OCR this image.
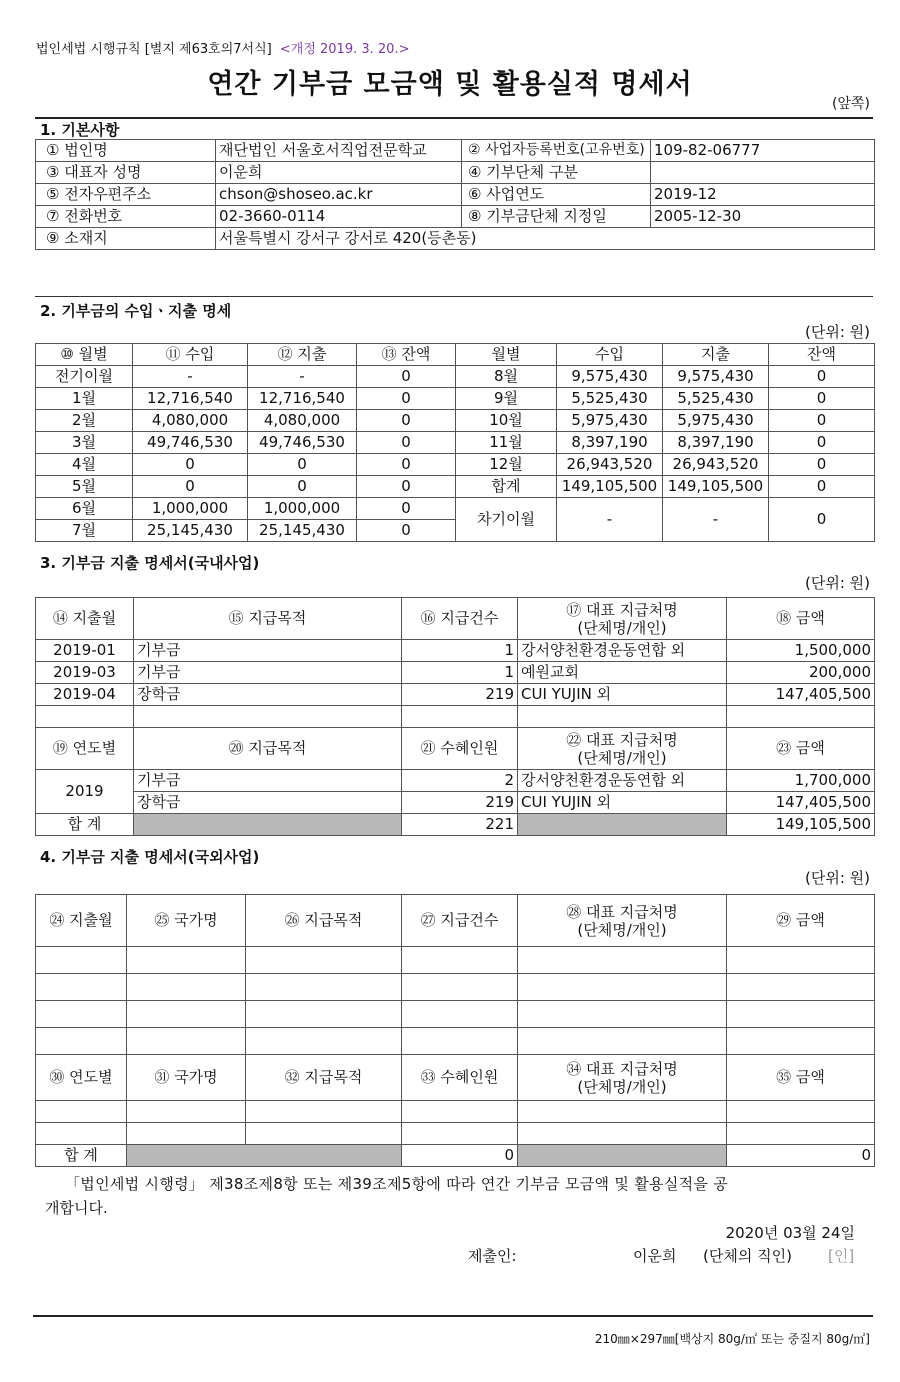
법인세법 시행규칙 [별지 제63호의7서식] <개정 2019. 3. 20.>
연간 기부금 모금액 및 활용실적 명세서
(앞쪽)
1. 기본사항
① 법인명	재단법인 서울호서직업전문학교	② 사업자등록번호(고유번호)	109-82-06777
③ 대표자 성명	이운희	④ 기부단체 구분	
⑤ 전자우편주소	chson@shoseo.ac.kr	⑥ 사업연도	2019-12
⑦ 전화번호	02-3660-0114	⑧ 기부금단체 지정일	2005-12-30
⑨ 소재지	서울특별시 강서구 강서로 420(등촌동)		
2. 기부금의 수입ㆍ지출 명세
(단위: 원)
⑩ 월별	⑪ 수입	⑫ 지출	⑬ 잔액	월별	수입	지출	잔액
전기이월	-	-	0	8월	9,575,430	9,575,430	0
1월	12,716,540	12,716,540	0	9월	5,525,430	5,525,430	0
2월	4,080,000	4,080,000	0	10월	5,975,430	5,975,430	0
3월	49,746,530	49,746,530	0	11월	8,397,190	8,397,190	0
4월	0	0	0	12월	26,943,520	26,943,520	0
5월	0	0	0	합계	149,105,500	149,105,500	0
6월	1,000,000	1,000,000	0	차기이월	-	-	0
7월	25,145,430	25,145,430	0				
3. 기부금 지출 명세서(국내사업)
(단위: 원)
⑭ 지출월	⑮ 지급목적	⑯ 지급건수	⑰ 대표 지급처명
(단체명/개인)	⑱ 금액
2019-01	기부금	1	강서양천환경운동연합 외	1,500,000
2019-03	기부금	1	예원교회	200,000
2019-04	장학금	219	CUI YUJIN 외	147,405,500

⑲ 연도별	⑳ 지급목적	㉑ 수혜인원	㉒ 대표 지급처명
(단체명/개인)	㉓ 금액
2019	기부금	2	강서양천환경운동연합 외	1,700,000
	장학금	219	CUI YUJIN 외	147,405,500
합 계		221		149,105,500
4. 기부금 지출 명세서(국외사업)
(단위: 원)
㉔ 지출월	㉕ 국가명	㉖ 지급목적	㉗ 지급건수	㉘ 대표 지급처명
(단체명/개인)	㉙ 금액

㉚ 연도별	㉛ 국가명	㉜ 지급목적	㉝ 수혜인원	㉞ 대표 지급처명
(단체명/개인)	㉟ 금액

합 계			0		0
「법인세법 시행령」 제38조제8항 또는 제39조제5항에 따라 연간 기부금 모금액 및 활용실적을 공
개합니다.
2020년 03월 24일
제출인:	이운희 (단체의 직인) [인]
210㎜×297㎜[백상지 80g/㎡ 또는 중질지 80g/㎡]
